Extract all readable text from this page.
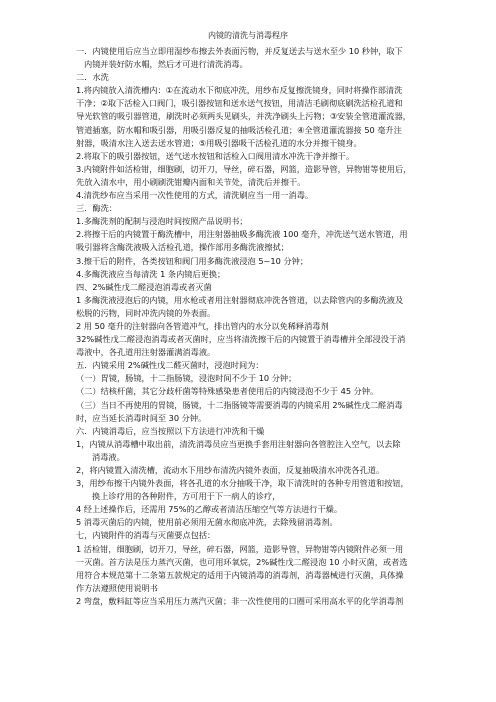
内镜的清洗与消毒程序
一．内镜使用后应当立即用湿纱布擦去外表面污物，并反复送去与送水至少 10 秒钟，取下
内镜并装好防水帽，然后才可进行清洗消毒。
二．水洗
1.将内镜放入清洗槽内：①在流动水下彻底冲洗，用纱布反复擦洗镜身，同时将操作部清洗
干净；②取下活检入口阀门，吸引器按钮和送水送气按钮，用清洁毛刷彻底刷洗活检孔道和
导光软管的吸引器管道，刷洗时必须两头见刷头，并洗净刷头上污物；③安装全管道灌流器，
管道插塞，防水帽和吸引器，用吸引器反复的抽吸活检孔道；④全管道灌流器接 50 毫升注
射器，吸清水注入送去送水管道；⑤用吸引器吸干活检孔道的水分并擦干镜身。
2.将取下的吸引器按钮，送气送水按钮和活检入口阀用清水冲洗干净并擦干。
3.内镜附件如活检钳，细胞刷，切开刀，导丝，碎石器，网篮，造影导管，异物钳等使用后，
先放入清水中，用小刷刷洗钳瓣内面和关节处，清洗后并擦干。
4.清洗纱布应当采用一次性使用的方式，清洗刷应当一用一消毒。
三．酶洗：
1.多酶洗剂的配制与浸泡时间按照产品说明书；
2.将擦干后的内镜置于酶洗槽中，用注射器抽吸多酶洗液 100 毫升，冲洗送气送水管道，用
吸引器将含酶洗液吸入活检孔道，操作部用多酶洗液擦拭；
3.擦干后的附件，各类按钮和阀门用多酶洗液浸泡 5~10 分钟；
4.多酶洗液应当每清洗 1 条内镜后更换；
四、2%碱性戊二醛浸泡消毒或者灭菌
1 多酶洗液浸泡后的内镜，用水枪或者用注射器彻底冲洗各管道，以去除管内的多酶洗液及
松脱的污物，同时冲洗内镜的外表面。
2 用 50 毫升的注射器向各管道冲气，排出管内的水分以免稀释消毒剂
32%碱性戊二醛浸泡消毒或者灭菌时，应当将清洗擦干后的内镜置于消毒槽并全部浸没于消
毒液中，各孔道用注射器灌满消毒液。
五．内镜采用 2%碱性戊二醛灭菌时，浸泡时间为：
（一）胃镜，肠镜，十二指肠镜，浸泡时间不少于 10 分钟；
（二）结核杆菌，其它分歧杆菌等特殊感染患者使用后的内镜浸泡不少于 45 分钟。
（三）当日不再使用的胃镜，肠镜，十二指肠镜等需要消毒的内镜采用 2%碱性戊二醛消毒
时，应当延长消毒时间至 30 分钟。
六．内镜消毒后，应当按照以下方法进行冲洗和干燥
1，内镜从消毒槽中取出前，清洗消毒员应当更换手套用注射器向各管腔注入空气，以去除
消毒液。
2，将内镜置入清洗槽，流动水下用纱布清洗内镜外表面，反复抽吸清水冲洗各孔道。
3，用纱布擦干内镜外表面，将各孔道的水分抽吸干净，取下清洗时的各种专用管道和按钮，
换上诊疗用的各种附件，方可用于下一病人的诊疗，
4 经上述操作后，还需用 75%的乙醇或者清洁压缩空气等方法进行干燥。
5 消毒灭菌后的内镜，使用前必须用无菌水彻底冲洗，去除残留消毒剂。
七，内镜附件的消毒与灭菌要点包括：
1 活检钳，细胞刷，切开刀，导丝，碎石器，网篮，造影导管，异物钳等内镜附件必须一用
一灭菌。首方法是压力蒸汽灭菌，也可用环氧烷，2%碱性戊二醛浸泡 10 小时灭菌，或者选
用符合本规范第十二条第五款规定的适用于内镜消毒的消毒剂，消毒器械进行灭菌，具体操
作方法遵照使用说明书
2 弯盘，敷料缸等应当采用压力蒸汽灭菌；非一次性使用的口圈可采用高水平的化学消毒剂
